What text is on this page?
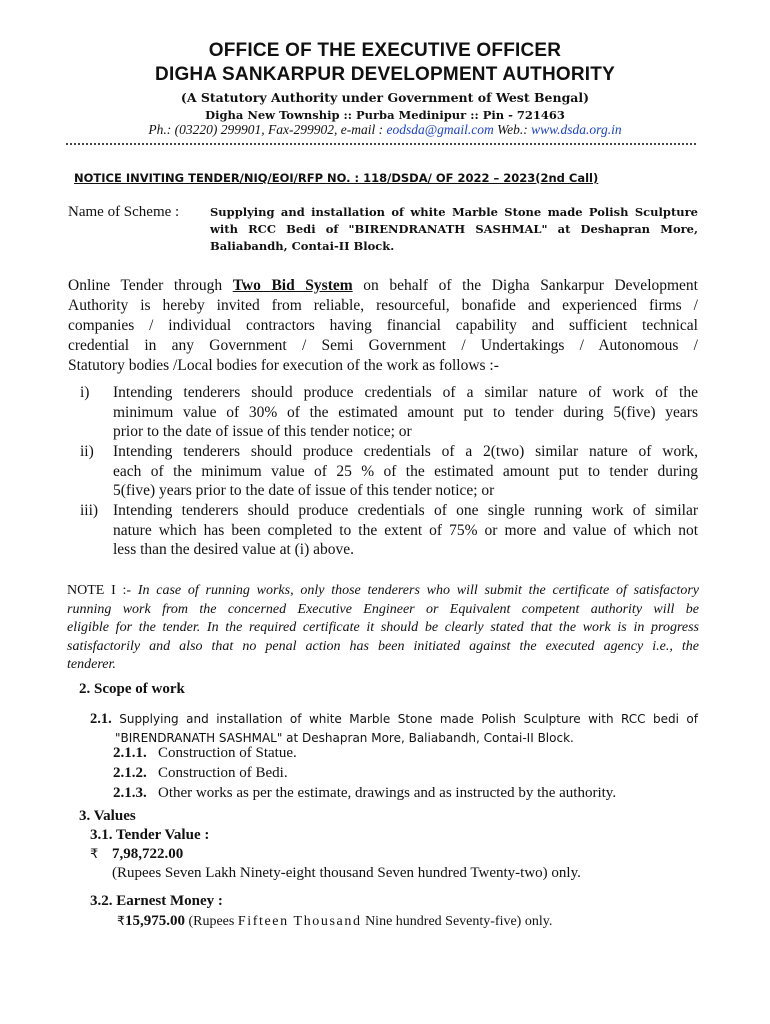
OFFICE OF THE EXECUTIVE OFFICER
DIGHA SANKARPUR DEVELOPMENT AUTHORITY
(A Statutory Authority under Government of West Bengal)
Digha New Township :: Purba Medinipur :: Pin - 721463
Ph.: (03220) 299901, Fax-299902, e-mail : eodsda@gmail.com Web.: www.dsda.org.in
NOTICE INVITING TENDER/NIQ/EOI/RFP NO. : 118/DSDA/ OF 2022 – 2023(2nd Call)
Name of Scheme :	Supplying and installation of white Marble Stone made Polish Sculpture
with RCC Bedi of "BIRENDRANATH SASHMAL" at Deshapran More,
Baliabandh, Contai-II Block.
Online Tender through Two Bid System on behalf of the Digha Sankarpur Development
Authority is hereby invited from reliable, resourceful, bonafide and experienced firms /
companies / individual contractors having financial capability and sufficient technical
credential in any Government / Semi Government / Undertakings / Autonomous /
Statutory bodies /Local bodies for execution of the work as follows :-
i) Intending tenderers should produce credentials of a similar nature of work of the
minimum value of 30% of the estimated amount put to tender during 5(five) years
prior to the date of issue of this tender notice; or
ii) Intending tenderers should produce credentials of a 2(two) similar nature of work,
each of the minimum value of 25 % of the estimated amount put to tender during
5(five) years prior to the date of issue of this tender notice; or
iii) Intending tenderers should produce credentials of one single running work of similar
nature which has been completed to the extent of 75% or more and value of which not
less than the desired value at (i) above.
NOTE I :- In case of running works, only those tenderers who will submit the certificate of satisfactory
running work from the concerned Executive Engineer or Equivalent competent authority will be
eligible for the tender. In the required certificate it should be clearly stated that the work is in progress
satisfactorily and also that no penal action has been initiated against the executed agency i.e., the
tenderer.
2. Scope of work
2.1. Supplying and installation of white Marble Stone made Polish Sculpture with RCC bedi of
"BIRENDRANATH SASHMAL" at Deshapran More, Baliabandh, Contai-II Block.
2.1.1. Construction of Statue.
2.1.2. Construction of Bedi.
2.1.3. Other works as per the estimate, drawings and as instructed by the authority.
3. Values
3.1. Tender Value :
₹ 7,98,722.00
(Rupees Seven Lakh Ninety-eight thousand Seven hundred Twenty-two) only.
3.2. Earnest Money :
₹15,975.00 (Rupees Fifteen Thousand Nine hundred Seventy-five) only.
